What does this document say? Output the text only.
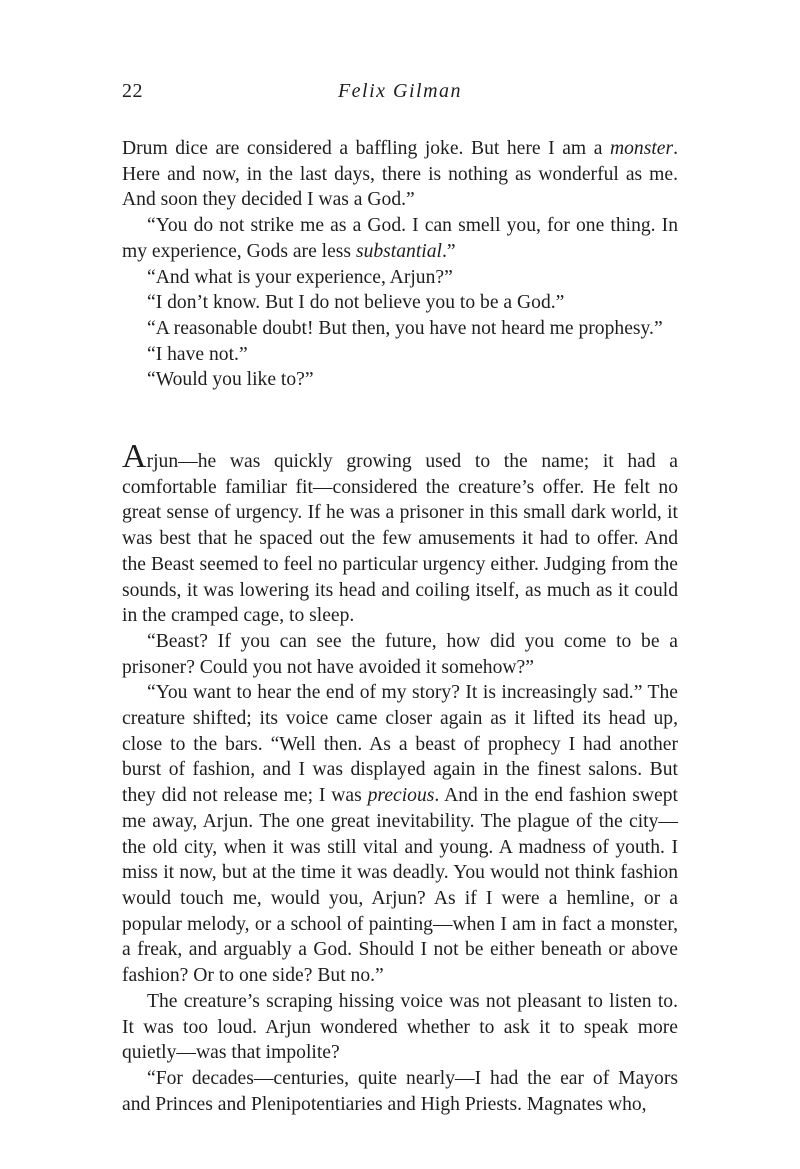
22	Felix Gilman

Drum dice are considered a baffling joke. But here I am a monster. Here and now, in the last days, there is nothing as wonderful as me. And soon they decided I was a God.”

“You do not strike me as a God. I can smell you, for one thing. In my experience, Gods are less substantial.”

“And what is your experience, Arjun?”

“I don’t know. But I do not believe you to be a God.”

“A reasonable doubt! But then, you have not heard me prophesy.”

“I have not.”

“Would you like to?”

Arjun—he was quickly growing used to the name; it had a comfortable familiar fit—considered the creature’s offer. He felt no great sense of urgency. If he was a prisoner in this small dark world, it was best that he spaced out the few amusements it had to offer. And the Beast seemed to feel no particular urgency either. Judging from the sounds, it was lowering its head and coiling itself, as much as it could in the cramped cage, to sleep.

“Beast? If you can see the future, how did you come to be a prisoner? Could you not have avoided it somehow?”

“You want to hear the end of my story? It is increasingly sad.” The creature shifted; its voice came closer again as it lifted its head up, close to the bars. “Well then. As a beast of prophecy I had another burst of fashion, and I was displayed again in the finest salons. But they did not release me; I was precious. And in the end fashion swept me away, Arjun. The one great inevitability. The plague of the city—the old city, when it was still vital and young. A madness of youth. I miss it now, but at the time it was deadly. You would not think fashion would touch me, would you, Arjun? As if I were a hemline, or a popular melody, or a school of painting—when I am in fact a monster, a freak, and arguably a God. Should I not be either beneath or above fashion? Or to one side? But no.”

The creature’s scraping hissing voice was not pleasant to listen to. It was too loud. Arjun wondered whether to ask it to speak more quietly—was that impolite?

“For decades—centuries, quite nearly—I had the ear of Mayors and Princes and Plenipotentiaries and High Priests. Magnates who,
